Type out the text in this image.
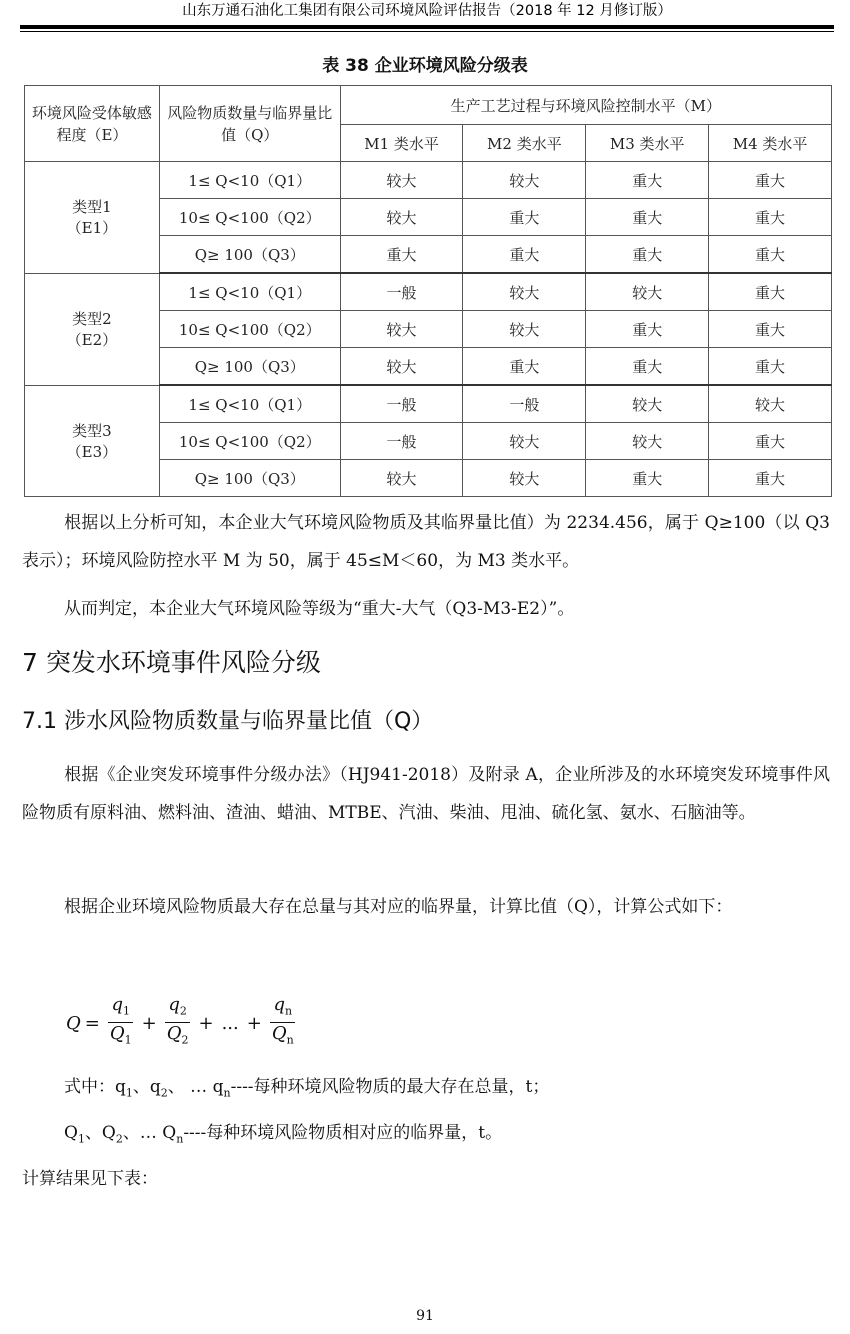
山东万通石油化工集团有限公司环境风险评估报告（2018 年 12 月修订版）
表 38 企业环境风险分级表
环境风险受体敏感程度（E）	风险物质数量与临界量比值（Q）	生产工艺过程与环境风险控制水平（M）			
		M1 类水平	M2 类水平	M3 类水平	M4 类水平
类型1
（E1）	1≤ Q<10（Q1）	较大	较大	重大	重大
	10≤ Q<100（Q2）	较大	重大	重大	重大
	Q≥ 100（Q3）	重大	重大	重大	重大
类型2
（E2）	1≤ Q<10（Q1）	一般	较大	较大	重大
	10≤ Q<100（Q2）	较大	较大	重大	重大
	Q≥ 100（Q3）	较大	重大	重大	重大
类型3
（E3）	1≤ Q<10（Q1）	一般	一般	较大	较大
	10≤ Q<100（Q2）	一般	较大	较大	重大
	Q≥ 100（Q3）	较大	较大	重大	重大
根据以上分析可知，本企业大气环境风险物质及其临界量比值）为 2234.456，属于 Q≥100（以 Q3 表示）；环境风险防控水平 M 为 50，属于 45≤M＜60，为 M3 类水平。
从而判定，本企业大气环境风险等级为“重大-大气（Q3-M3-E2）”。
7 突发水环境事件风险分级
7.1 涉水风险物质数量与临界量比值（Q）
根据《企业突发环境事件分级办法》（HJ941-2018）及附录 A，企业所涉及的水环境突发环境事件风险物质有原料油、燃料油、渣油、蜡油、MTBE、汽油、柴油、甩油、硫化氢、氨水、石脑油等。
根据企业环境风险物质最大存在总量与其对应的临界量，计算比值（Q），计算公式如下：
$Q = \frac{q_1}{Q_1} + \frac{q_2}{Q_2}$ + ... + $\frac{q_n}{Q_n}$
式中：$q_1$、$q_2$、 … $q_n----$每种环境风险物质的最大存在总量，t；
$Q_1$、$Q_2$、… $Q_n----$每种环境风险物质相对应的临界量，t。
计算结果见下表：
91
